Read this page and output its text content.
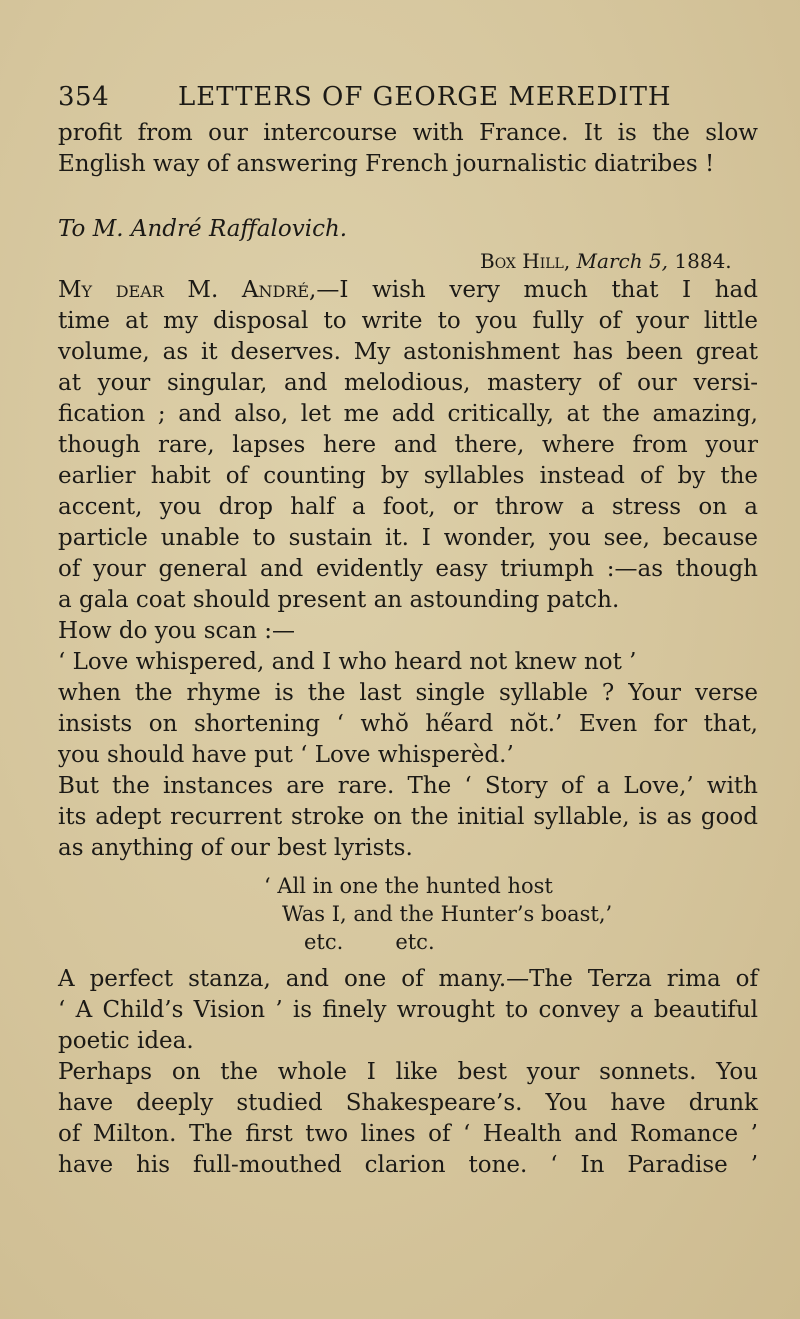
354	LETTERS OF GEORGE MEREDITH
profit from our intercourse with France. It is the slow
English way of answering French journalistic diatribes !
To M. André Raffalovich.
Box Hill, March 5, 1884.
My dear M. André,—I wish very much that I had
time at my disposal to write to you fully of your little
volume, as it deserves. My astonishment has been great
at your singular, and melodious, mastery of our versi-
fication ; and also, let me add critically, at the amazing,
though rare, lapses here and there, where from your
earlier habit of counting by syllables instead of by the
accent, you drop half a foot, or throw a stress on a
particle unable to sustain it. I wonder, you see, because
of your general and evidently easy triumph :—as though
a gala coat should present an astounding patch.
How do you scan :—
‘ Love whispered, and I who heard not knew not ’
when the rhyme is the last single syllable ? Your verse
insists on shortening ‘ whŏ he̋ard nŏt.’ Even for that,
you should have put ‘ Love whisperèd.’
But the instances are rare. The ‘ Story of a Love,’ with
its adept recurrent stroke on the initial syllable, is as good
as anything of our best lyrists.
‘ All in one the hunted host
Was I, and the Hunter’s boast,’
etc. etc.
A perfect stanza, and one of many.—The Terza rima of
‘ A Child’s Vision ’ is finely wrought to convey a beautiful
poetic idea.
Perhaps on the whole I like best your sonnets. You
have deeply studied Shakespeare’s. You have drunk
of Milton. The first two lines of ‘ Health and Romance ’
have his full-mouthed clarion tone. ‘ In Paradise ’
